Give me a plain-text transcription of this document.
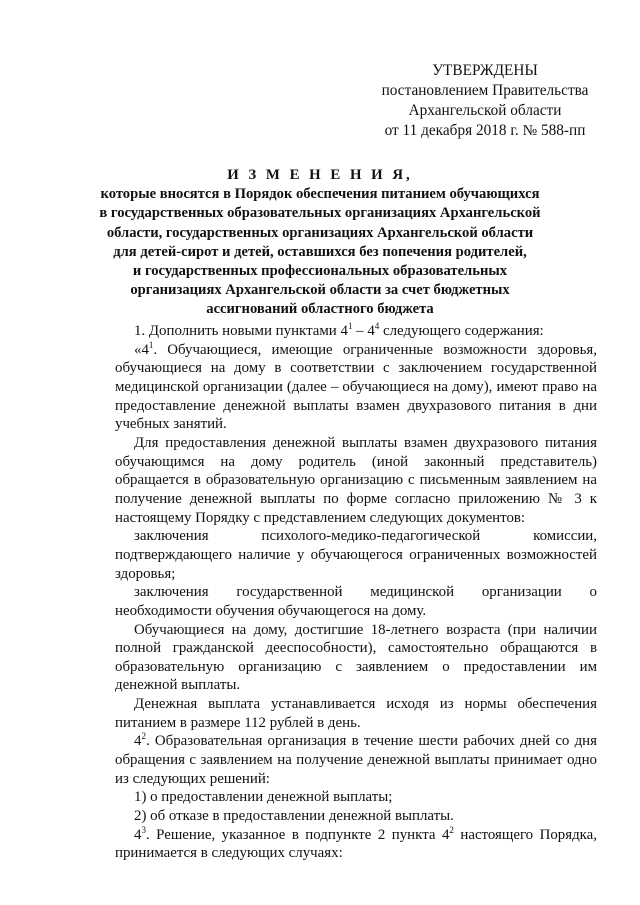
УТВЕРЖДЕНЫ
постановлением Правительства
Архангельской области
от 11 декабря 2018 г. № 588-пп
И З М Е Н Е Н И Я,
которые вносятся в Порядок обеспечения питанием обучающихся
в государственных образовательных организациях Архангельской
области, государственных организациях Архангельской области
для детей-сирот и детей, оставшихся без попечения родителей,
и государственных профессиональных образовательных
организациях Архангельской области за счет бюджетных
ассигнований областного бюджета

1. Дополнить новыми пунктами $4^1 - 4^4$ следующего содержания:

«$4^1$. Обучающиеся, имеющие ограниченные возможности здоровья, обучающиеся на дому в соответствии с заключением государственной медицинской организации (далее – обучающиеся на дому), имеют право на предоставление денежной выплаты взамен двухразового питания в дни учебных занятий.

Для предоставления денежной выплаты взамен двухразового питания обучающимся на дому родитель (иной законный представитель) обращается в образовательную организацию с письменным заявлением на получение денежной выплаты по форме согласно приложению № 3 к настоящему Порядку с представлением следующих документов:

заключения психолого-медико-педагогической комиссии, подтверждающего наличие у обучающегося ограниченных возможностей здоровья;

заключения государственной медицинской организации о необходимости обучения обучающегося на дому.

Обучающиеся на дому, достигшие 18-летнего возраста (при наличии полной гражданской дееспособности), самостоятельно обращаются в образовательную организацию с заявлением о предоставлении им денежной выплаты.

Денежная выплата устанавливается исходя из нормы обеспечения питанием в размере 112 рублей в день.

$4^2$. Образовательная организация в течение шести рабочих дней со дня обращения с заявлением на получение денежной выплаты принимает одно из следующих решений:

1) о предоставлении денежной выплаты;

2) об отказе в предоставлении денежной выплаты.

$4^3$. Решение, указанное в подпункте 2 пункта $4^2$ настоящего Порядка, принимается в следующих случаях:
